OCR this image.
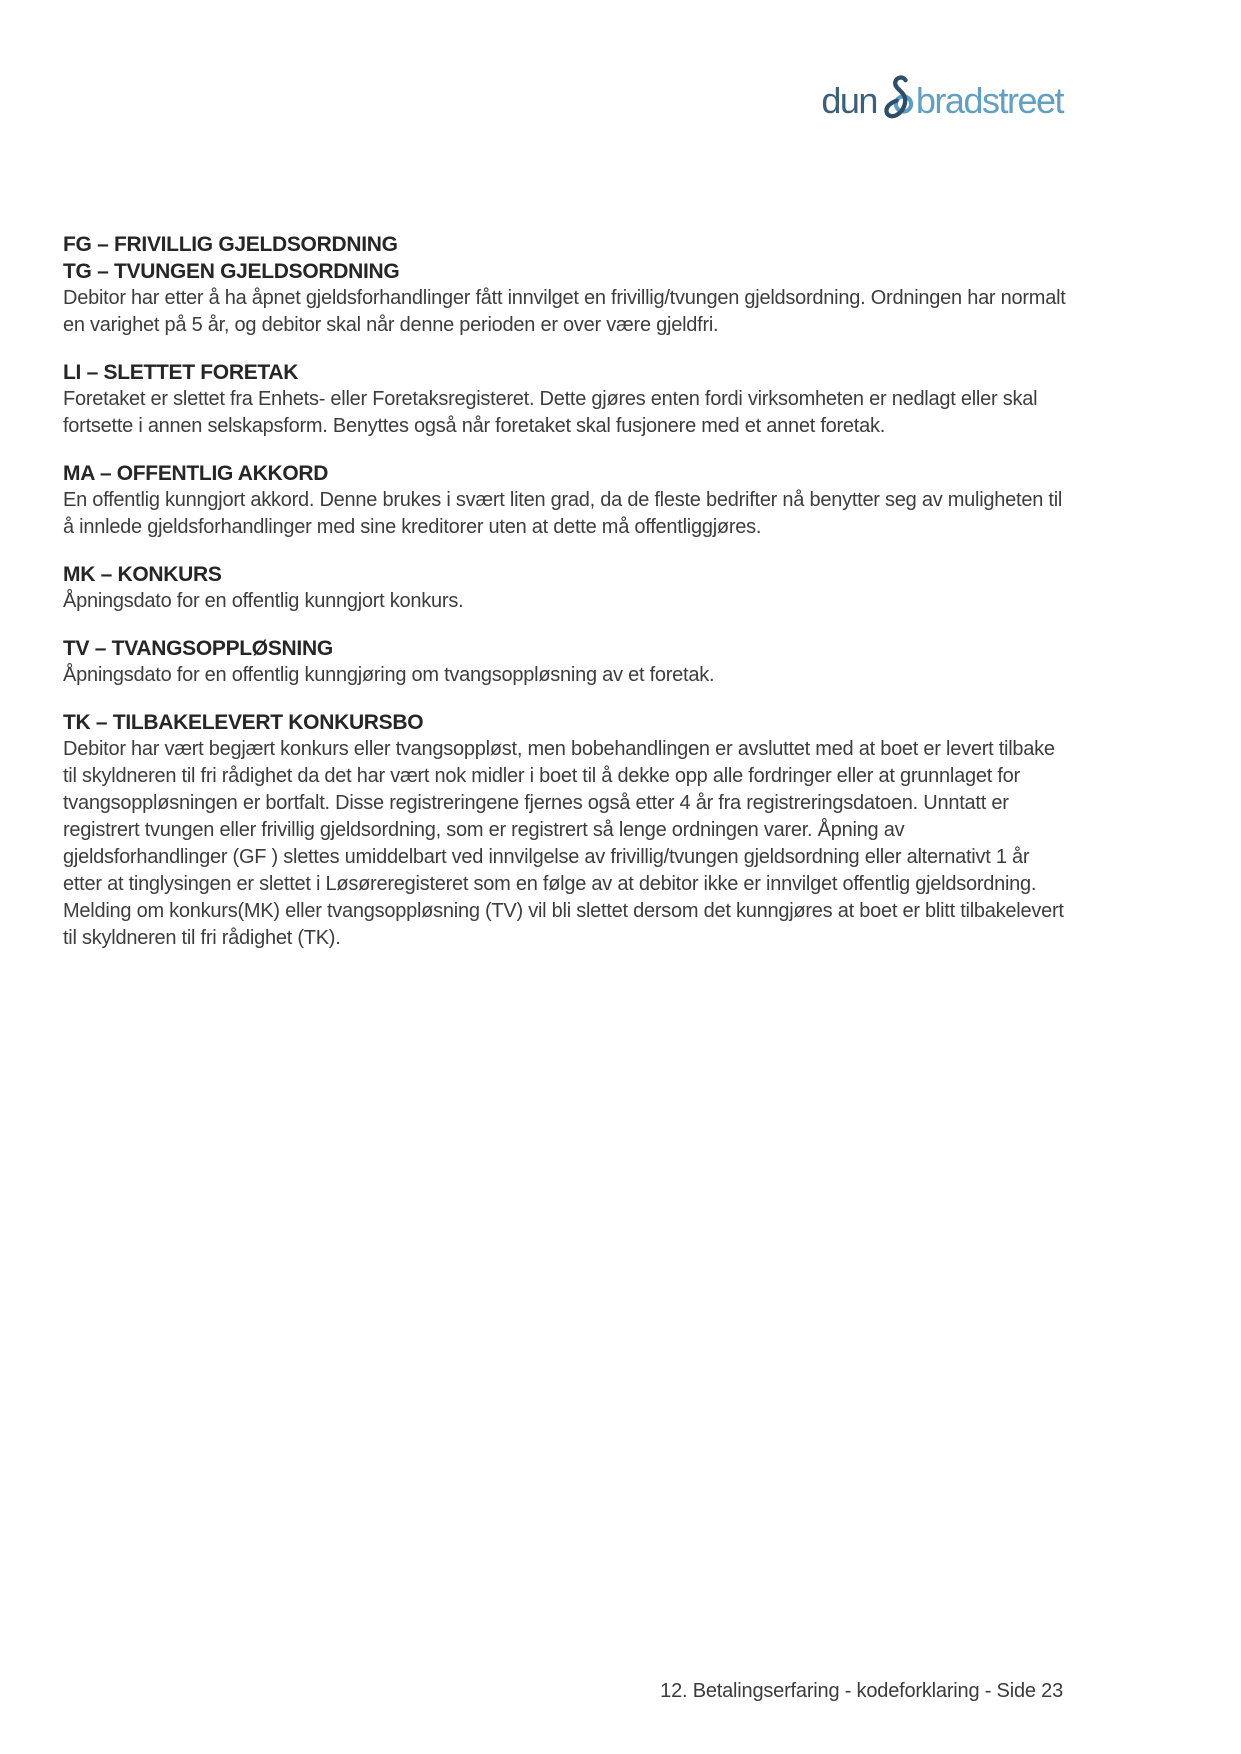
dun bradstreet
FG – FRIVILLIG GJELDSORDNING
TG – TVUNGEN GJELDSORDNING

Debitor har etter å ha åpnet gjeldsforhandlinger fått innvilget en frivillig/tvungen gjeldsordning. Ordningen har normalt en varighet på 5 år, og debitor skal når denne perioden er over være gjeldfri.

LI – SLETTET FORETAK

Foretaket er slettet fra Enhets- eller Foretaksregisteret. Dette gjøres enten fordi virksomheten er nedlagt eller skal fortsette i annen selskapsform. Benyttes også når foretaket skal fusjonere med et annet foretak.

MA – OFFENTLIG AKKORD

En offentlig kunngjort akkord. Denne brukes i svært liten grad, da de fleste bedrifter nå benytter seg av muligheten til å innlede gjeldsforhandlinger med sine kreditorer uten at dette må offentliggjøres.

MK – KONKURS

Åpningsdato for en offentlig kunngjort konkurs.

TV – TVANGSOPPLØSNING

Åpningsdato for en offentlig kunngjøring om tvangsoppløsning av et foretak.

TK – TILBAKELEVERT KONKURSBO

Debitor har vært begjært konkurs eller tvangsoppløst, men bobehandlingen er avsluttet med at boet er levert tilbake til skyldneren til fri rådighet da det har vært nok midler i boet til å dekke opp alle fordringer eller at grunnlaget for tvangsoppløsningen er bortfalt. Disse registreringene fjernes også etter 4 år fra registreringsdatoen. Unntatt er registrert tvungen eller frivillig gjeldsordning, som er registrert så lenge ordningen varer. Åpning av gjeldsforhandlinger (GF ) slettes umiddelbart ved innvilgelse av frivillig/tvungen gjeldsordning eller alternativt 1 år etter at tinglysingen er slettet i Løsøreregisteret som en følge av at debitor ikke er innvilget offentlig gjeldsordning. Melding om konkurs(MK) eller tvangsoppløsning (TV) vil bli slettet dersom det kunngjøres at boet er blitt tilbakelevert til skyldneren til fri rådighet (TK).

12. Betalingserfaring - kodeforklaring - Side 23
